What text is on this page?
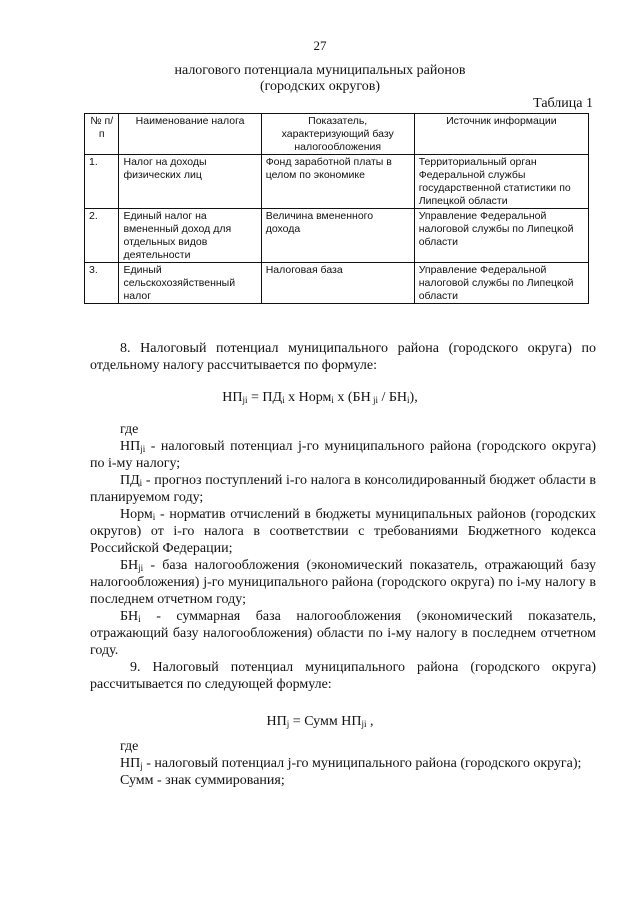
27
налогового потенциала муниципальных районов
(городских округов)
Таблица 1
№ п/п	Наименование налога	Показатель, характеризующий базу налогообложения	Источник информации
1.	Налог на доходы физических лиц	Фонд заработной платы в целом по экономике	Территориальный орган Федеральной службы государственной статистики по Липецкой области
2.	Единый налог на вмененный доход для отдельных видов деятельности	Величина вмененного дохода	Управление Федеральной налоговой службы по Липецкой области
3.	Единый сельскохозяйственный налог	Налоговая база	Управление Федеральной налоговой службы по Липецкой области

8. Налоговый потенциал муниципального района (городского округа) по отдельному налогу рассчитывается по формуле:

$НП_{ji} = ПД_i$ х Норм$_i$ х (БН $_{ji} / БН_i$),

где

$НП_{ji}$ - налоговый потенциал j-го муниципального района (городского округа) по i-му налогу;

$ПД_i$ - прогноз поступлений i-го налога в консолидированный бюджет области в планируемом году;

Норм$_i$ - норматив отчислений в бюджеты муниципальных районов (городских округов) от i-го налога в соответствии с требованиями Бюджетного кодекса Российской Федерации;

$БН_{ji}$ - база налогообложения (экономический показатель, отражающий базу налогообложения) j-го муниципального района (городского округа) по i-му налогу в последнем отчетном году;

$БН_i$ - суммарная база налогообложения (экономический показатель, отражающий базу налогообложения) области по i-му налогу в последнем отчетном году.

9. Налоговый потенциал муниципального района (городского округа) рассчитывается по следующей формуле:

$НП_j$ = Сумм $НП_{ji}$ ,

где

$НП_j$ - налоговый потенциал j-го муниципального района (городского округа);

Сумм - знак суммирования;
